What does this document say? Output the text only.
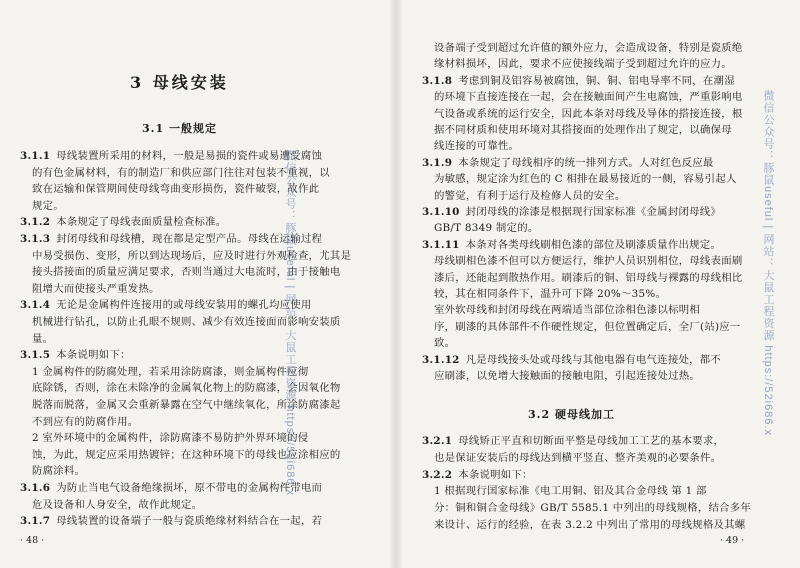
3 母线安装
3.1 一般规定
3.1.1 母线装置所采用的材料，一般是易损的瓷件或易遭受腐蚀
的有色金属材料，有的制造厂和供应部门往往对包装不重视，以
致在运输和保管期间使母线弯曲变形损伤，瓷件破裂，故作此
规定。
3.1.2 本条规定了母线表面质量检查标准。
3.1.3 封闭母线和母线槽，现在都是定型产品。母线在运输过程
中易受损伤、变形，所以到达现场后，应及时进行外观检查，尤其是
接头搭接面的质量应满足要求，否则当通过大电流时，由于接触电
阻增大而使接头严重发热。
3.1.4 无论是金属构件连接用的或母线安装用的螺孔均应使用
机械进行钻孔，以防止孔眼不规则、减少有效连接面而影响安装质
量。
3.1.5 本条说明如下：
1 金属构件的防腐处理，若采用涂防腐漆，则金属构件应彻
底除锈，否则，涂在未除净的金属氧化物上的防腐漆，会因氧化物
脱落而脱落，金属又会重新暴露在空气中继续氧化，所涂防腐漆起
不到应有的防腐作用。
2 室外环境中的金属构件，涂防腐漆不易防护外界环境的侵
蚀，为此，规定应采用热镀锌；在这种环境下的母线也应涂相应的
防腐涂料。
3.1.6 为防止当电气设备绝缘损坏，原不带电的金属构件带电而
危及设备和人身安全，故作此规定。
3.1.7 母线装置的设备端子一般与瓷质绝缘材料结合在一起，若
· 48 ·
设备端子受到超过允许值的额外应力，会造成设备，特别是瓷质绝
缘材料损坏，因此，要求不应使接线端子受到超过允许的应力。
3.1.8 考虑到铜及铝容易被腐蚀，铜、铜、铝电导率不同，在潮湿
的环境下直接连接在一起，会在接触面间产生电腐蚀，严重影响电
气设备或系统的运行安全，因此本条对母线及导体的搭接连接，根
据不同材质和使用环境对其搭接面的处理作出了规定，以确保母
线连接的可靠性。
3.1.9 本条规定了母线相序的统一排列方式。人对红色反应最
为敏感，规定涂为红色的 C 相排在最易接近的一侧，容易引起人
的警觉，有利于运行及检修人员的安全。
3.1.10 封闭母线的涂漆是根据现行国家标准《金属封闭母线》
GB/T 8349 制定的。
3.1.11 本条对各类母线刷相色漆的部位及刷漆质量作出规定。
母线刷相色漆不但可以方便运行，维护人员识别相位，母线表面刷
漆后，还能起到散热作用。刷漆后的铜、铝母线与裸露的母线相比
较，其在相同条件下，温升可下降 20%～35%。
室外软母线和封闭母线在两端适当部位涂相色漆以标明相
序，刷漆的具体部件不作硬性规定，但位置确定后，全厂(站)应一
致。
3.1.12 凡是母线接头处或母线与其他电器有电气连接处，都不
应刷漆，以免增大接触面的接触电阻，引起连接处过热。
3.2 硬母线加工
3.2.1 母线矫正平直和切断面平整是母线加工工艺的基本要求，
也是保证安装后的母线达到横平竖直、整齐美观的必要条件。
3.2.2 本条说明如下：
1 根据现行国家标准《电工用铜、铝及其合金母线 第 1 部
分：铜和铜合金母线》GB/T 5585.1 中列出的母线规格，结合多年
来设计、运行的经验，在表 3.2.2 中列出了常用的母线规格及其螺
· 49 ·
微信公众号：豚鼠useful | 网站：大鼠工程资源 https://52i686.x	微信公众号：豚鼠useful | 网站：大鼠工程资源 https://52i686.x
